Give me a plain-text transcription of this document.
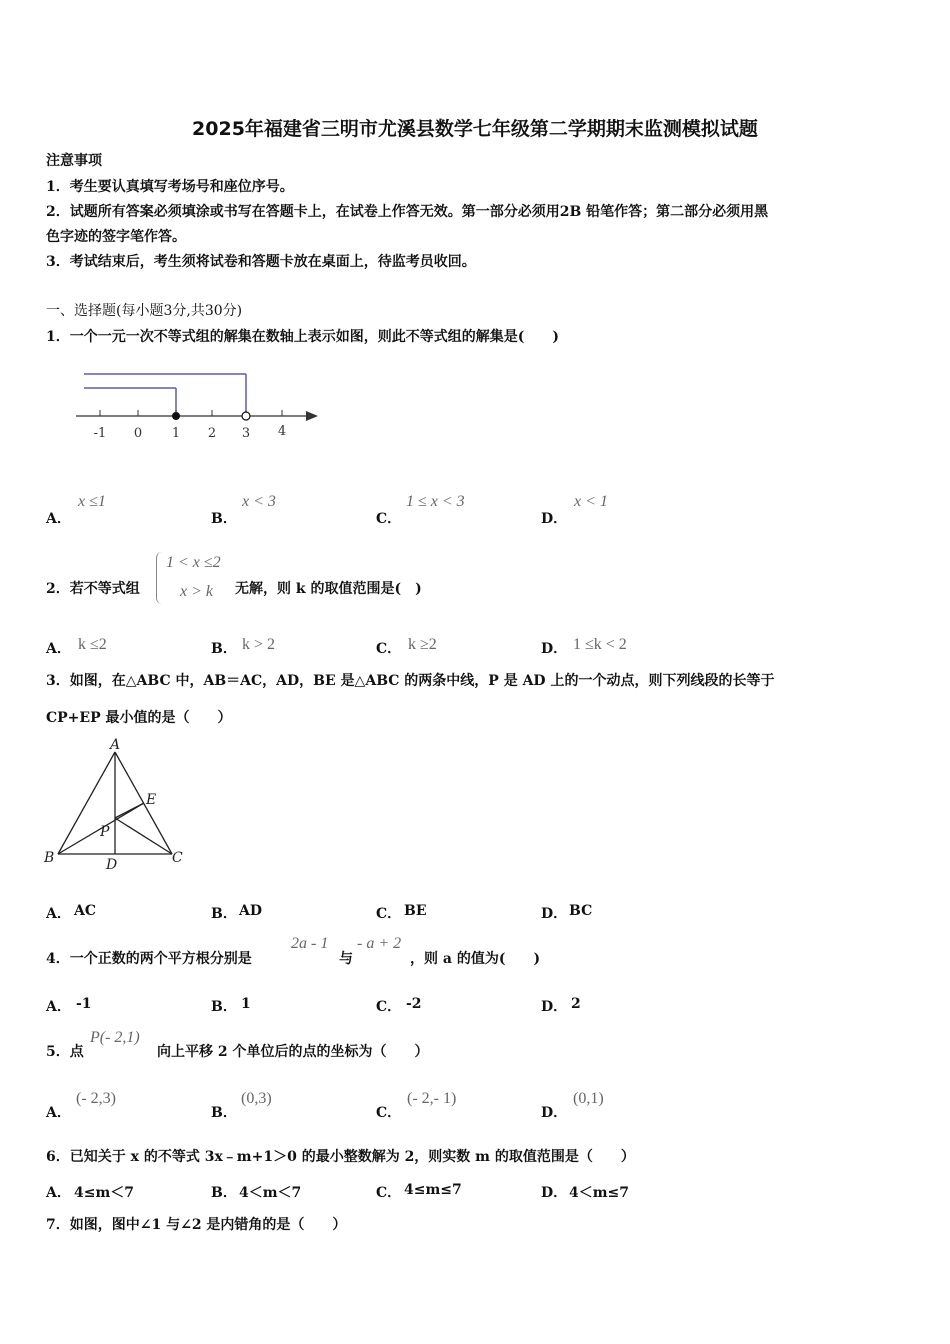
2025年福建省三明市尤溪县数学七年级第二学期期末监测模拟试题
注意事项
1．考生要认真填写考场号和座位序号。
2．试题所有答案必须填涂或书写在答题卡上，在试卷上作答无效。第一部分必须用2B 铅笔作答；第二部分必须用黑
色字迹的签字笔作答。
3．考试结束后，考生须将试卷和答题卡放在桌面上，待监考员收回。
一、选择题(每小题3分,共30分)
1．一个一元一次不等式组的解集在数轴上表示如图，则此不等式组的解集是(　　)
-1 0 1 2 3 4
A．
x ≤1
B．
x < 3
C．
1 ≤ x < 3
D．
x < 1
2．若不等式组
1 < x ≤2
x > k 无解，则 k 的取值范围是(　)
A． k ≤2	B． k > 2	C． k ≥2	D． 1 ≤k < 2
3．如图，在△ABC 中，AB＝AC，AD，BE 是△ABC 的两条中线，P 是 AD 上的一个动点，则下列线段的长等于
CP+EP 最小值的是（　　）
A
B	C
D
E
P
A． AC	B． AD	C． BE	D． BC
4．一个正数的两个平方根分别是
2a - 1
与
- a + 2
，则 a 的值为(　　)
A． -1	B． 1	C． -2	D． 2
5．点
P(- 2,1)
向上平移 2 个单位后的点的坐标为（　　）
A．
(- 2,3)
B．
(0,3)
C．
(- 2,- 1)
D．
(0,1)
6．已知关于 x 的不等式 3x﹣m+1＞0 的最小整数解为 2，则实数 m 的取值范围是（　　）
A． 4≤m＜7	B． 4＜m＜7	C． 4≤m≤7	D． 4＜m≤7
7．如图，图中∠1 与∠2 是内错角的是（　　）
